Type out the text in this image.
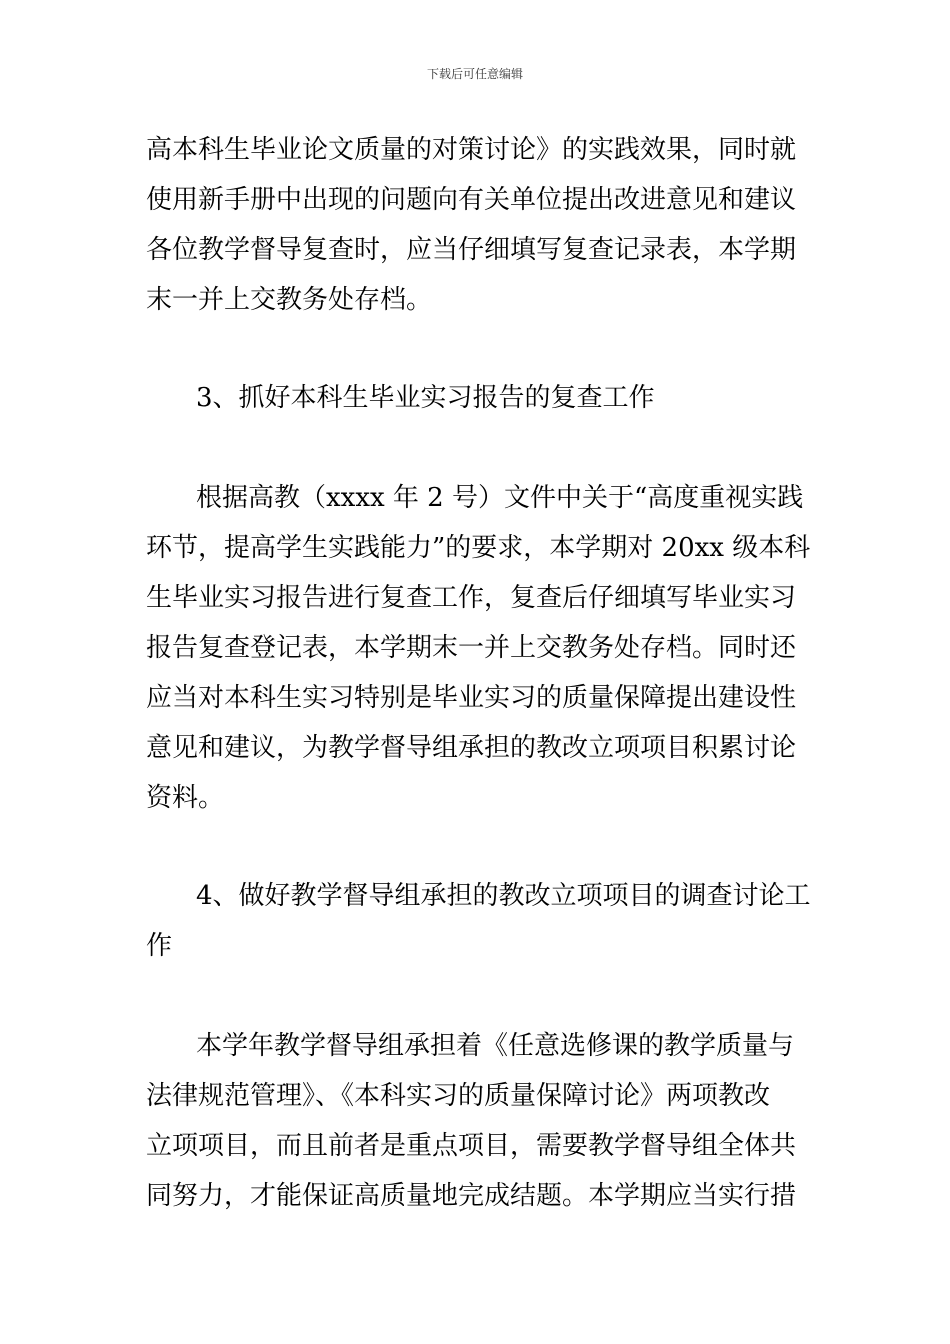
下载后可任意编辑
高本科生毕业论文质量的对策讨论》的实践效果，同时就
使用新手册中出现的问题向有关单位提出改进意见和建议
各位教学督导复查时，应当仔细填写复查记录表，本学期
末一并上交教务处存档。
3、抓好本科生毕业实习报告的复查工作
根据高教（xxxx 年 2 号）文件中关于“高度重视实践
环节，提高学生实践能力”的要求，本学期对 20xx 级本科
生毕业实习报告进行复查工作，复查后仔细填写毕业实习
报告复查登记表，本学期末一并上交教务处存档。同时还
应当对本科生实习特别是毕业实习的质量保障提出建设性
意见和建议，为教学督导组承担的教改立项项目积累讨论
资料。
4、做好教学督导组承担的教改立项项目的调查讨论工
作
本学年教学督导组承担着《任意选修课的教学质量与
法律规范管理》、《本科实习的质量保障讨论》两项教改
立项项目，而且前者是重点项目，需要教学督导组全体共
同努力，才能保证高质量地完成结题。本学期应当实行措
